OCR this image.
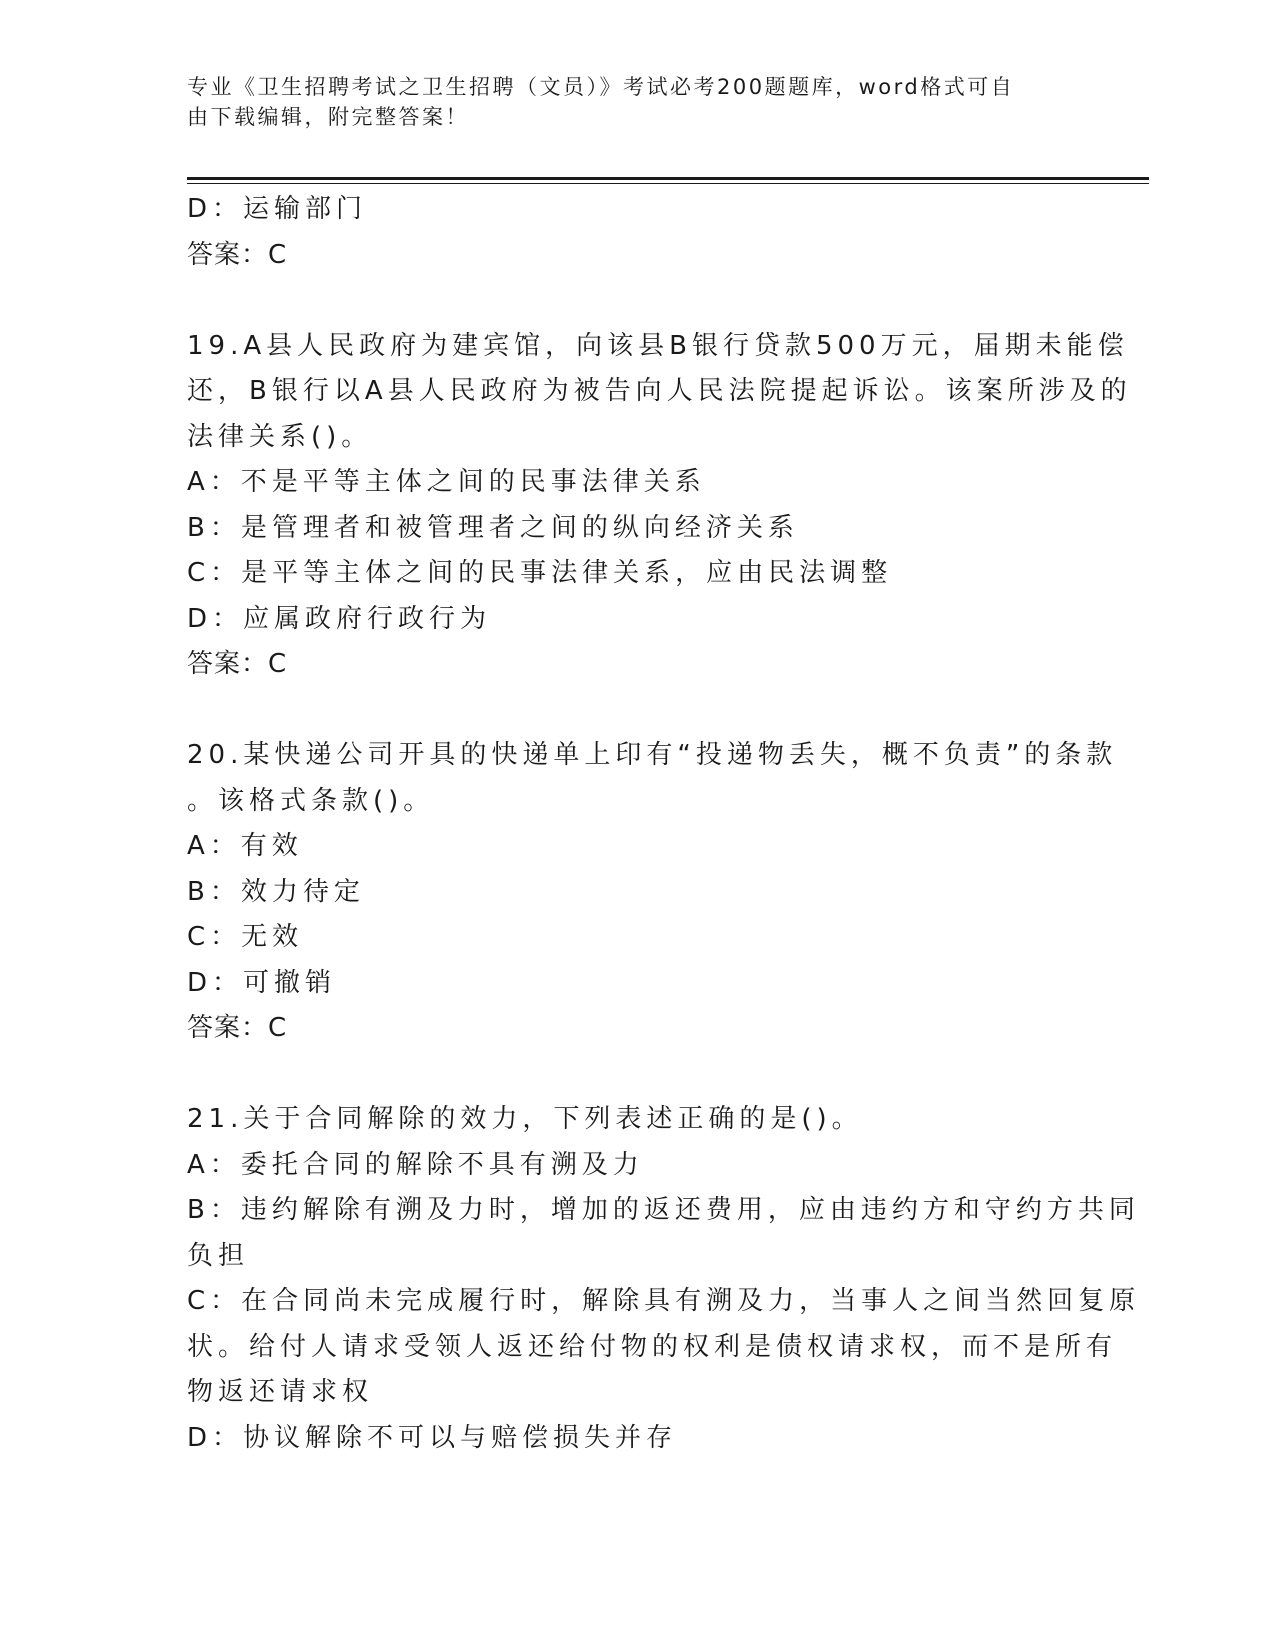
专业《卫生招聘考试之卫生招聘（文员）》考试必考200题题库，word格式可自
由下载编辑，附完整答案！
D：运输部门
答案：C
19.A县人民政府为建宾馆，向该县B银行贷款500万元，届期未能偿
还，B银行以A县人民政府为被告向人民法院提起诉讼。该案所涉及的
法律关系()。
A：不是平等主体之间的民事法律关系
B：是管理者和被管理者之间的纵向经济关系
C：是平等主体之间的民事法律关系，应由民法调整
D：应属政府行政行为
答案：C
20.某快递公司开具的快递单上印有“投递物丢失，概不负责”的条款
。该格式条款()。
A：有效
B：效力待定
C：无效
D：可撤销
答案：C
21.关于合同解除的效力，下列表述正确的是()。
A：委托合同的解除不具有溯及力
B：违约解除有溯及力时，增加的返还费用，应由违约方和守约方共同
负担
C：在合同尚未完成履行时，解除具有溯及力，当事人之间当然回复原
状。给付人请求受领人返还给付物的权利是债权请求权，而不是所有
物返还请求权
D：协议解除不可以与赔偿损失并存
